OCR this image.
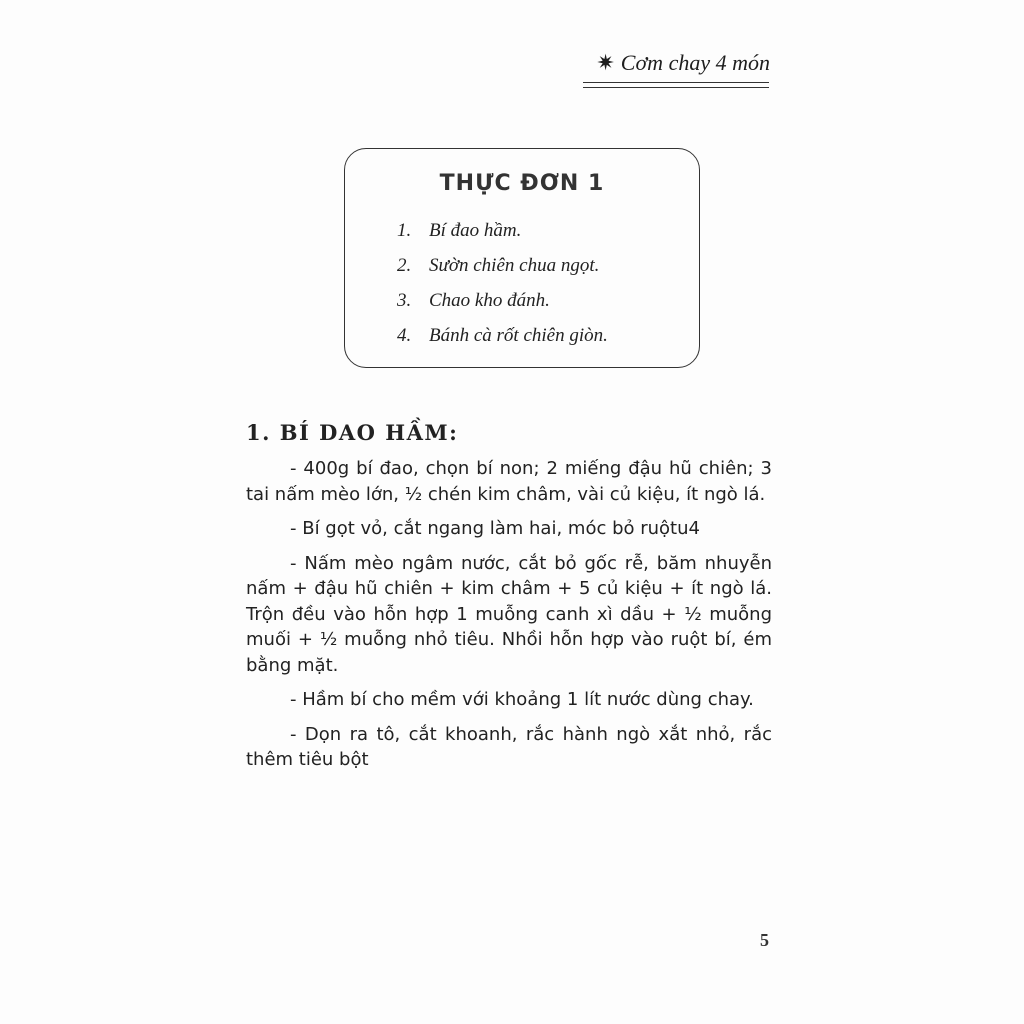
✷ Cơm chay 4 món
THỰC ĐƠN 1
1. Bí đao hầm.
2. Sườn chiên chua ngọt.
3. Chao kho đánh.
4. Bánh cà rốt chiên giòn.
1. BÍ DAO HẦM:

- 400g bí đao, chọn bí non; 2 miếng đậu hũ chiên; 3 tai nấm mèo lớn, ½ chén kim châm, vài củ kiệu, ít ngò lá.

- Bí gọt vỏ, cắt ngang làm hai, móc bỏ ruộtu4

- Nấm mèo ngâm nước, cắt bỏ gốc rễ, băm nhuyễn nấm + đậu hũ chiên + kim châm + 5 củ kiệu + ít ngò lá. Trộn đều vào hỗn hợp 1 muỗng canh xì dầu + ½ muỗng muối + ½ muỗng nhỏ tiêu. Nhồi hỗn hợp vào ruột bí, ém bằng mặt.

- Hầm bí cho mềm với khoảng 1 lít nước dùng chay.

- Dọn ra tô, cắt khoanh, rắc hành ngò xắt nhỏ, rắc thêm tiêu bột

5
